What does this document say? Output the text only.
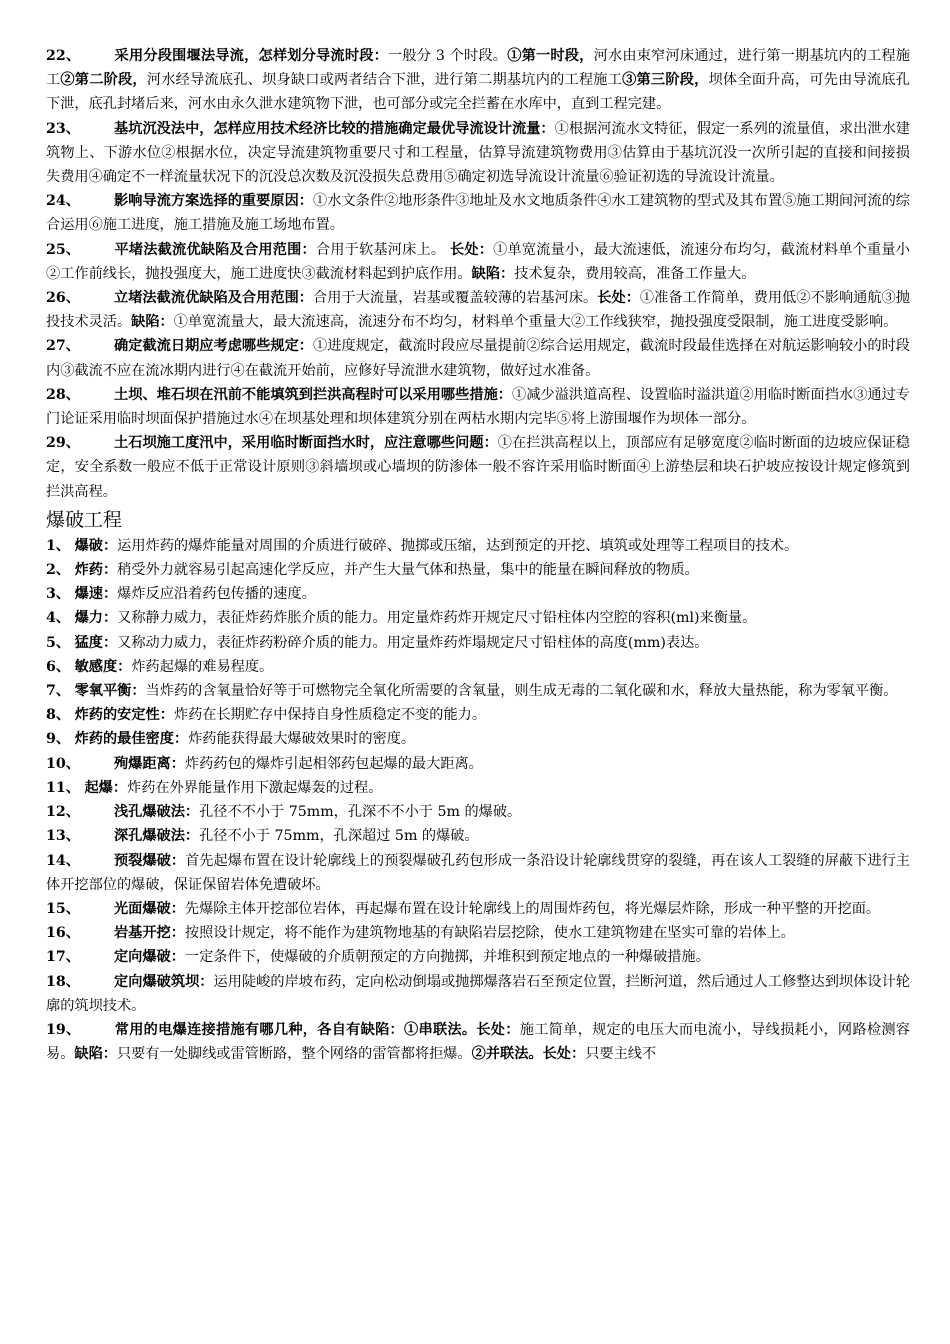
22、 采用分段围堰法导流，怎样划分导流时段：一般分 3 个时段。①第一时段，河水由束窄河床通过，进行第一期基坑内的工程施工②第二阶段，河水经导流底孔、坝身缺口或两者结合下泄，进行第二期基坑内的工程施工③第三阶段，坝体全面升高，可先由导流底孔下泄，底孔封堵后来，河水由永久泄水建筑物下泄，也可部分或完全拦蓄在水库中，直到工程完建。

23、 基坑沉没法中，怎样应用技术经济比较的措施确定最优导流设计流量：①根据河流水文特征，假定一系列的流量值，求出泄水建筑物上、下游水位②根据水位，决定导流建筑物重要尺寸和工程量，估算导流建筑物费用③估算由于基坑沉没一次所引起的直接和间接损失费用④确定不一样流量状况下的沉没总次数及沉没损失总费用⑤确定初选导流设计流量⑥验证初选的导流设计流量。

24、 影响导流方案选择的重要原因：①水文条件②地形条件③地址及水文地质条件④水工建筑物的型式及其布置⑤施工期间河流的综合运用⑥施工进度，施工措施及施工场地布置。

25、 平堵法截流优缺陷及合用范围：合用于软基河床上。 长处：①单宽流量小，最大流速低，流速分布均匀，截流材料单个重量小②工作前线长，抛投强度大，施工进度快③截流材料起到护底作用。缺陷：技术复杂，费用较高，准备工作量大。

26、 立堵法截流优缺陷及合用范围：合用于大流量，岩基或覆盖较薄的岩基河床。长处：①准备工作简单，费用低②不影响通航③抛投技术灵活。缺陷：①单宽流量大，最大流速高，流速分布不均匀，材料单个重量大②工作线狭窄，抛投强度受限制，施工进度受影响。

27、 确定截流日期应考虑哪些规定：①进度规定，截流时段应尽量提前②综合运用规定，截流时段最佳选择在对航运影响较小的时段内③截流不应在流冰期内进行④在截流开始前，应修好导流泄水建筑物，做好过水准备。

28、 土坝、堆石坝在汛前不能填筑到拦洪高程时可以采用哪些措施：①减少溢洪道高程、设置临时溢洪道②用临时断面挡水③通过专门论证采用临时坝面保护措施过水④在坝基处理和坝体建筑分别在两枯水期内完毕⑤将上游围堰作为坝体一部分。

29、 土石坝施工度汛中，采用临时断面挡水时，应注意哪些问题：①在拦洪高程以上，顶部应有足够宽度②临时断面的边坡应保证稳定，安全系数一般应不低于正常设计原则③斜墙坝或心墙坝的防渗体一般不容许采用临时断面④上游垫层和块石护坡应按设计规定修筑到拦洪高程。

爆破工程

1、 爆破：运用炸药的爆炸能量对周围的介质进行破碎、抛掷或压缩，达到预定的开挖、填筑或处理等工程项目的技术。

2、 炸药：稍受外力就容易引起高速化学反应，并产生大量气体和热量，集中的能量在瞬间释放的物质。

3、 爆速：爆炸反应沿着药包传播的速度。

4、 爆力：又称静力威力，表征炸药炸胀介质的能力。用定量炸药炸开规定尺寸铅柱体内空腔的容积(ml)来衡量。

5、 猛度：又称动力威力，表征炸药粉碎介质的能力。用定量炸药炸塌规定尺寸铅柱体的高度(mm)表达。

6、 敏感度：炸药起爆的难易程度。

7、 零氧平衡：当炸药的含氧量恰好等于可燃物完全氧化所需要的含氧量，则生成无毒的二氧化碳和水，释放大量热能，称为零氧平衡。

8、 炸药的安定性：炸药在长期贮存中保持自身性质稳定不变的能力。

9、 炸药的最佳密度：炸药能获得最大爆破效果时的密度。

10、 殉爆距离：炸药药包的爆炸引起相邻药包起爆的最大距离。

11、 起爆：炸药在外界能量作用下激起爆轰的过程。

12、 浅孔爆破法：孔径不不小于 75mm，孔深不不小于 5m 的爆破。

13、 深孔爆破法：孔径不小于 75mm，孔深超过 5m 的爆破。

14、 预裂爆破：首先起爆布置在设计轮廓线上的预裂爆破孔药包形成一条沿设计轮廓线贯穿的裂缝，再在该人工裂缝的屏蔽下进行主体开挖部位的爆破，保证保留岩体免遭破坏。

15、 光面爆破：先爆除主体开挖部位岩体，再起爆布置在设计轮廓线上的周围炸药包，将光爆层炸除，形成一种平整的开挖面。

16、 岩基开挖：按照设计规定，将不能作为建筑物地基的有缺陷岩层挖除，使水工建筑物建在坚实可靠的岩体上。

17、 定向爆破：一定条件下，使爆破的介质朝预定的方向抛掷，并堆积到预定地点的一种爆破措施。

18、 定向爆破筑坝：运用陡峻的岸坡布药，定向松动倒塌或抛掷爆落岩石至预定位置，拦断河道，然后通过人工修整达到坝体设计轮廓的筑坝技术。

19、 常用的电爆连接措施有哪几种，各自有缺陷：①串联法。长处：施工简单，规定的电压大而电流小，导线损耗小，网路检测容易。缺陷：只要有一处脚线或雷管断路，整个网络的雷管都将拒爆。②并联法。长处：只要主线不
